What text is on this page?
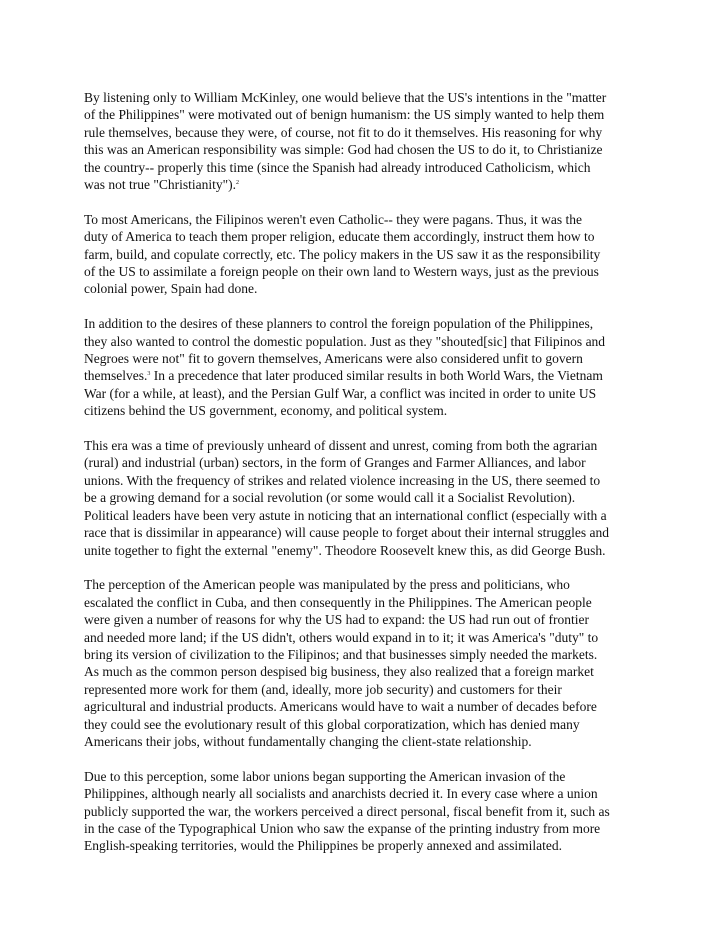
By listening only to William McKinley, one would believe that the US's intentions in the "matter
of the Philippines" were motivated out of benign humanism: the US simply wanted to help them
rule themselves, because they were, of course, not fit to do it themselves. His reasoning for why
this was an American responsibility was simple: God had chosen the US to do it, to Christianize
the country-- properly this time (since the Spanish had already introduced Catholicism, which
was not true "Christianity").$^2$

To most Americans, the Filipinos weren't even Catholic-- they were pagans. Thus, it was the
duty of America to teach them proper religion, educate them accordingly, instruct them how to
farm, build, and copulate correctly, etc. The policy makers in the US saw it as the responsibility
of the US to assimilate a foreign people on their own land to Western ways, just as the previous
colonial power, Spain had done.

In addition to the desires of these planners to control the foreign population of the Philippines,
they also wanted to control the domestic population. Just as they "shouted[sic] that Filipinos and
Negroes were not" fit to govern themselves, Americans were also considered unfit to govern
themselves.$^3$ In a precedence that later produced similar results in both World Wars, the Vietnam
War (for a while, at least), and the Persian Gulf War, a conflict was incited in order to unite US
citizens behind the US government, economy, and political system.

This era was a time of previously unheard of dissent and unrest, coming from both the agrarian
(rural) and industrial (urban) sectors, in the form of Granges and Farmer Alliances, and labor
unions. With the frequency of strikes and related violence increasing in the US, there seemed to
be a growing demand for a social revolution (or some would call it a Socialist Revolution).
Political leaders have been very astute in noticing that an international conflict (especially with a
race that is dissimilar in appearance) will cause people to forget about their internal struggles and
unite together to fight the external "enemy". Theodore Roosevelt knew this, as did George Bush.

The perception of the American people was manipulated by the press and politicians, who
escalated the conflict in Cuba, and then consequently in the Philippines. The American people
were given a number of reasons for why the US had to expand: the US had run out of frontier
and needed more land; if the US didn't, others would expand in to it; it was America's "duty" to
bring its version of civilization to the Filipinos; and that businesses simply needed the markets.
As much as the common person despised big business, they also realized that a foreign market
represented more work for them (and, ideally, more job security) and customers for their
agricultural and industrial products. Americans would have to wait a number of decades before
they could see the evolutionary result of this global corporatization, which has denied many
Americans their jobs, without fundamentally changing the client-state relationship.

Due to this perception, some labor unions began supporting the American invasion of the
Philippines, although nearly all socialists and anarchists decried it. In every case where a union
publicly supported the war, the workers perceived a direct personal, fiscal benefit from it, such as
in the case of the Typographical Union who saw the expanse of the printing industry from more
English-speaking territories, would the Philippines be properly annexed and assimilated.
